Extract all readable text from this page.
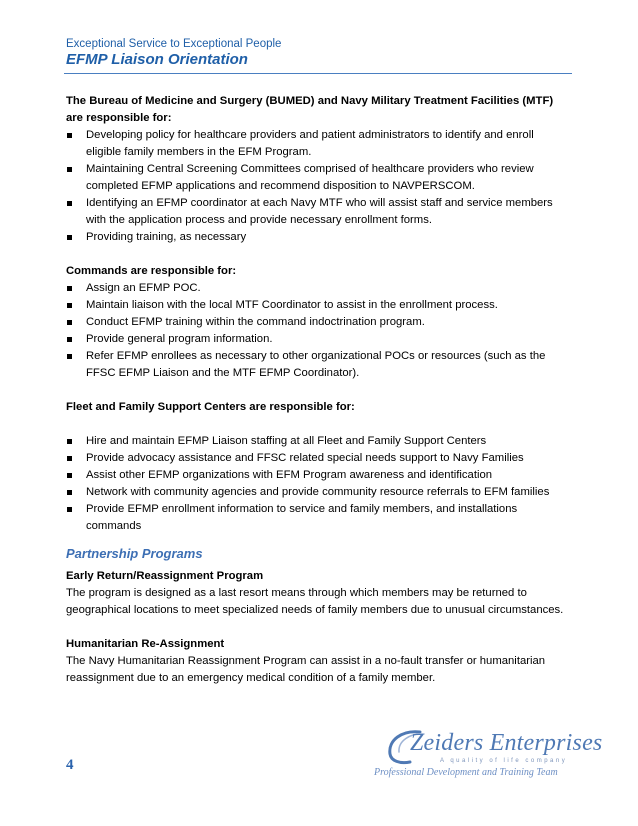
Exceptional Service to Exceptional People
EFMP Liaison Orientation

The Bureau of Medicine and Surgery (BUMED) and Navy Military Treatment Facilities (MTF) are responsible for:

Developing policy for healthcare providers and patient administrators to identify and enroll eligible family members in the EFM Program.
Maintaining Central Screening Committees comprised of healthcare providers who review completed EFMP applications and recommend disposition to NAVPERSCOM.
Identifying an EFMP coordinator at each Navy MTF who will assist staff and service members with the application process and provide necessary enrollment forms.
Providing training, as necessary

Commands are responsible for:

Assign an EFMP POC.
Maintain liaison with the local MTF Coordinator to assist in the enrollment process.
Conduct EFMP training within the command indoctrination program.
Provide general program information.
Refer EFMP enrollees as necessary to other organizational POCs or resources (such as the FFSC EFMP Liaison and the MTF EFMP Coordinator).

Fleet and Family Support Centers are responsible for:

Hire and maintain EFMP Liaison staffing at all Fleet and Family Support Centers
Provide advocacy assistance and FFSC related special needs support to Navy Families
Assist other EFMP organizations with EFM Program awareness and identification
Network with community agencies and provide community resource referrals to EFM families
Provide EFMP enrollment information to service and family members, and installations commands

Partnership Programs

Early Return/Reassignment Program

The program is designed as a last resort means through which members may be returned to geographical locations to meet specialized needs of family members due to unusual circumstances.

Humanitarian Re-Assignment

The Navy Humanitarian Reassignment Program can assist in a no-fault transfer or humanitarian reassignment due to an emergency medical condition of a family member.

4
Zeiders Enterprises
A quality of life company
Professional Development and Training Team
